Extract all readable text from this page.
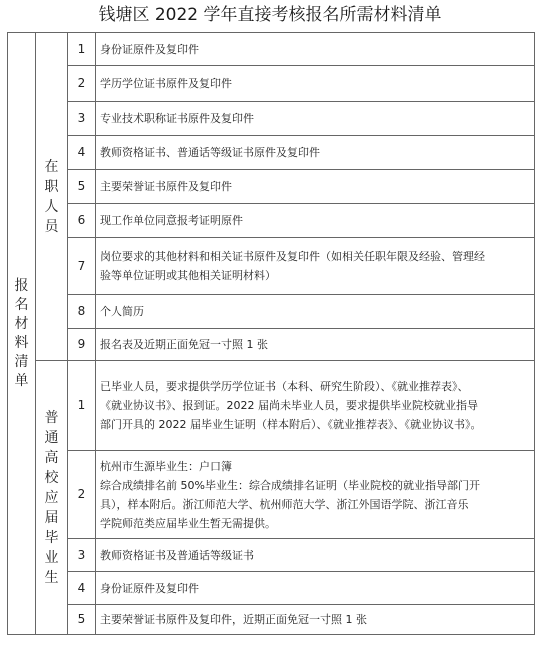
钱塘区 2022 学年直接考核报名所需材料清单
报名材料清单	在职人员	1	身份证原件及复印件

		2	学历学位证书原件及复印件

		3	专业技术职称证书原件及复印件

		4	教师资格证书、普通话等级证书原件及复印件

		5	主要荣誉证书原件及复印件

		6	现工作单位同意报考证明原件

		7	岗位要求的其他材料和相关证书原件及复印件（如相关任职年限及经验、管理经
验等单位证明或其他相关证明材料）

		8	个人简历

		9	报名表及近期正面免冠一寸照 1 张

	普通高校应届毕业生	1	已毕业人员，要求提供学历学位证书（本科、研究生阶段）、《就业推荐表》、
《就业协议书》、报到证。2022 届尚未毕业人员，要求提供毕业院校就业指导
部门开具的 2022 届毕业生证明（样本附后）、《就业推荐表》、《就业协议书》。

		2	杭州市生源毕业生：户口簿
综合成绩排名前 50%毕业生：综合成绩排名证明（毕业院校的就业指导部门开
具），样本附后。浙江师范大学、杭州师范大学、浙江外国语学院、浙江音乐
学院师范类应届毕业生暂无需提供。

		3	教师资格证书及普通话等级证书

		4	身份证原件及复印件

		5	主要荣誉证书原件及复印件，近期正面免冠一寸照 1 张
